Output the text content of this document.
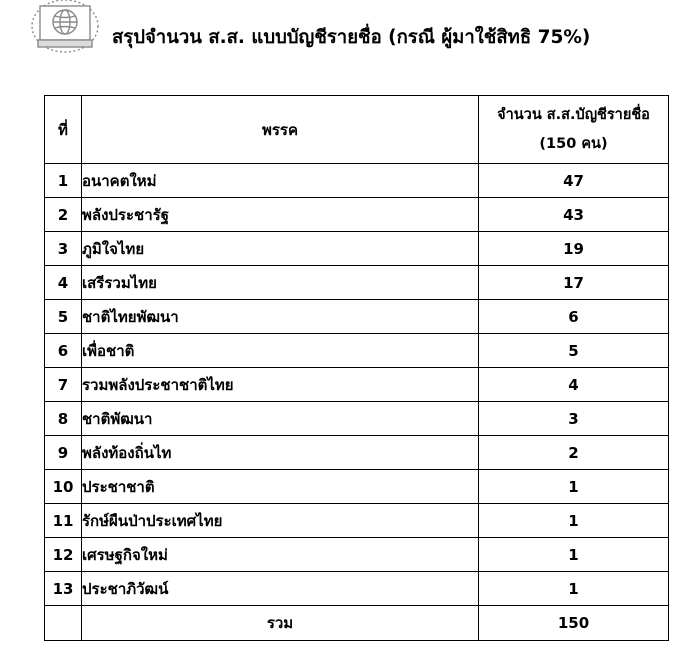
สรุปจำนวน ส.ส. แบบบัญชีรายชื่อ (กรณี ผู้มาใช้สิทธิ 75%)
ที่	พรรค	จำนวน ส.ส.บัญชีรายชื่อ
(150 คน)

1	อนาคตใหม่	47
2	พลังประชารัฐ	43
3	ภูมิใจไทย	19
4	เสรีรวมไทย	17
5	ชาติไทยพัฒนา	6
6	เพื่อชาติ	5
7	รวมพลังประชาชาติไทย	4
8	ชาติพัฒนา	3
9	พลังท้องถิ่นไท	2
10	ประชาชาติ	1
11	รักษ์ผืนป่าประเทศไทย	1
12	เศรษฐกิจใหม่	1
13	ประชาภิวัฒน์	1
	รวม	150
